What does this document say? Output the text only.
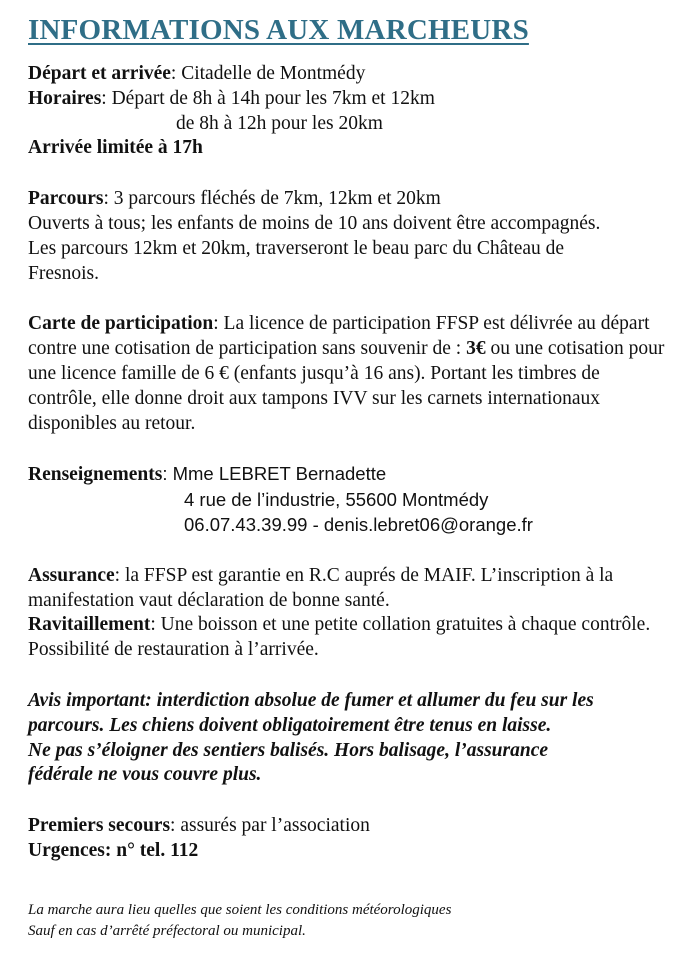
INFORMATIONS AUX MARCHEURS

Départ et arrivée: Citadelle de Montmédy

Horaires: Départ de 8h à 14h pour les 7km et 12km

de 8h à 12h pour les 20km

Arrivée limitée à 17h

Parcours: 3 parcours fléchés de 7km, 12km et 20km

Ouverts à tous; les enfants de moins de 10 ans doivent être accompagnés.

Les parcours 12km et 20km, traverseront le beau parc du Château de

Fresnois.

Carte de participation: La licence de participation FFSP est délivrée au départ contre une cotisation de participation sans souvenir de : 3€ ou une cotisation pour une licence famille de 6 € (enfants jusqu’à 16 ans). Portant les timbres de contrôle, elle donne droit aux tampons IVV sur les carnets internationaux disponibles au retour.

Renseignements: Mme LEBRET Bernadette

4 rue de l’industrie, 55600 Montmédy

06.07.43.39.99 - denis.lebret06@orange.fr

Assurance: la FFSP est garantie en R.C auprés de MAIF. L’inscription à la manifestation vaut déclaration de bonne santé.

Ravitaillement: Une boisson et une petite collation gratuites à chaque contrôle. Possibilité de restauration à l’arrivée.

Avis important: interdiction absolue de fumer et allumer du feu sur les

parcours. Les chiens doivent obligatoirement être tenus en laisse.

Ne pas s’éloigner des sentiers balisés. Hors balisage, l’assurance

fédérale ne vous couvre plus.

Premiers secours: assurés par l’association

Urgences: n° tel. 112

La marche aura lieu quelles que soient les conditions météorologiques

Sauf en cas d’arrêté préfectoral ou municipal.
